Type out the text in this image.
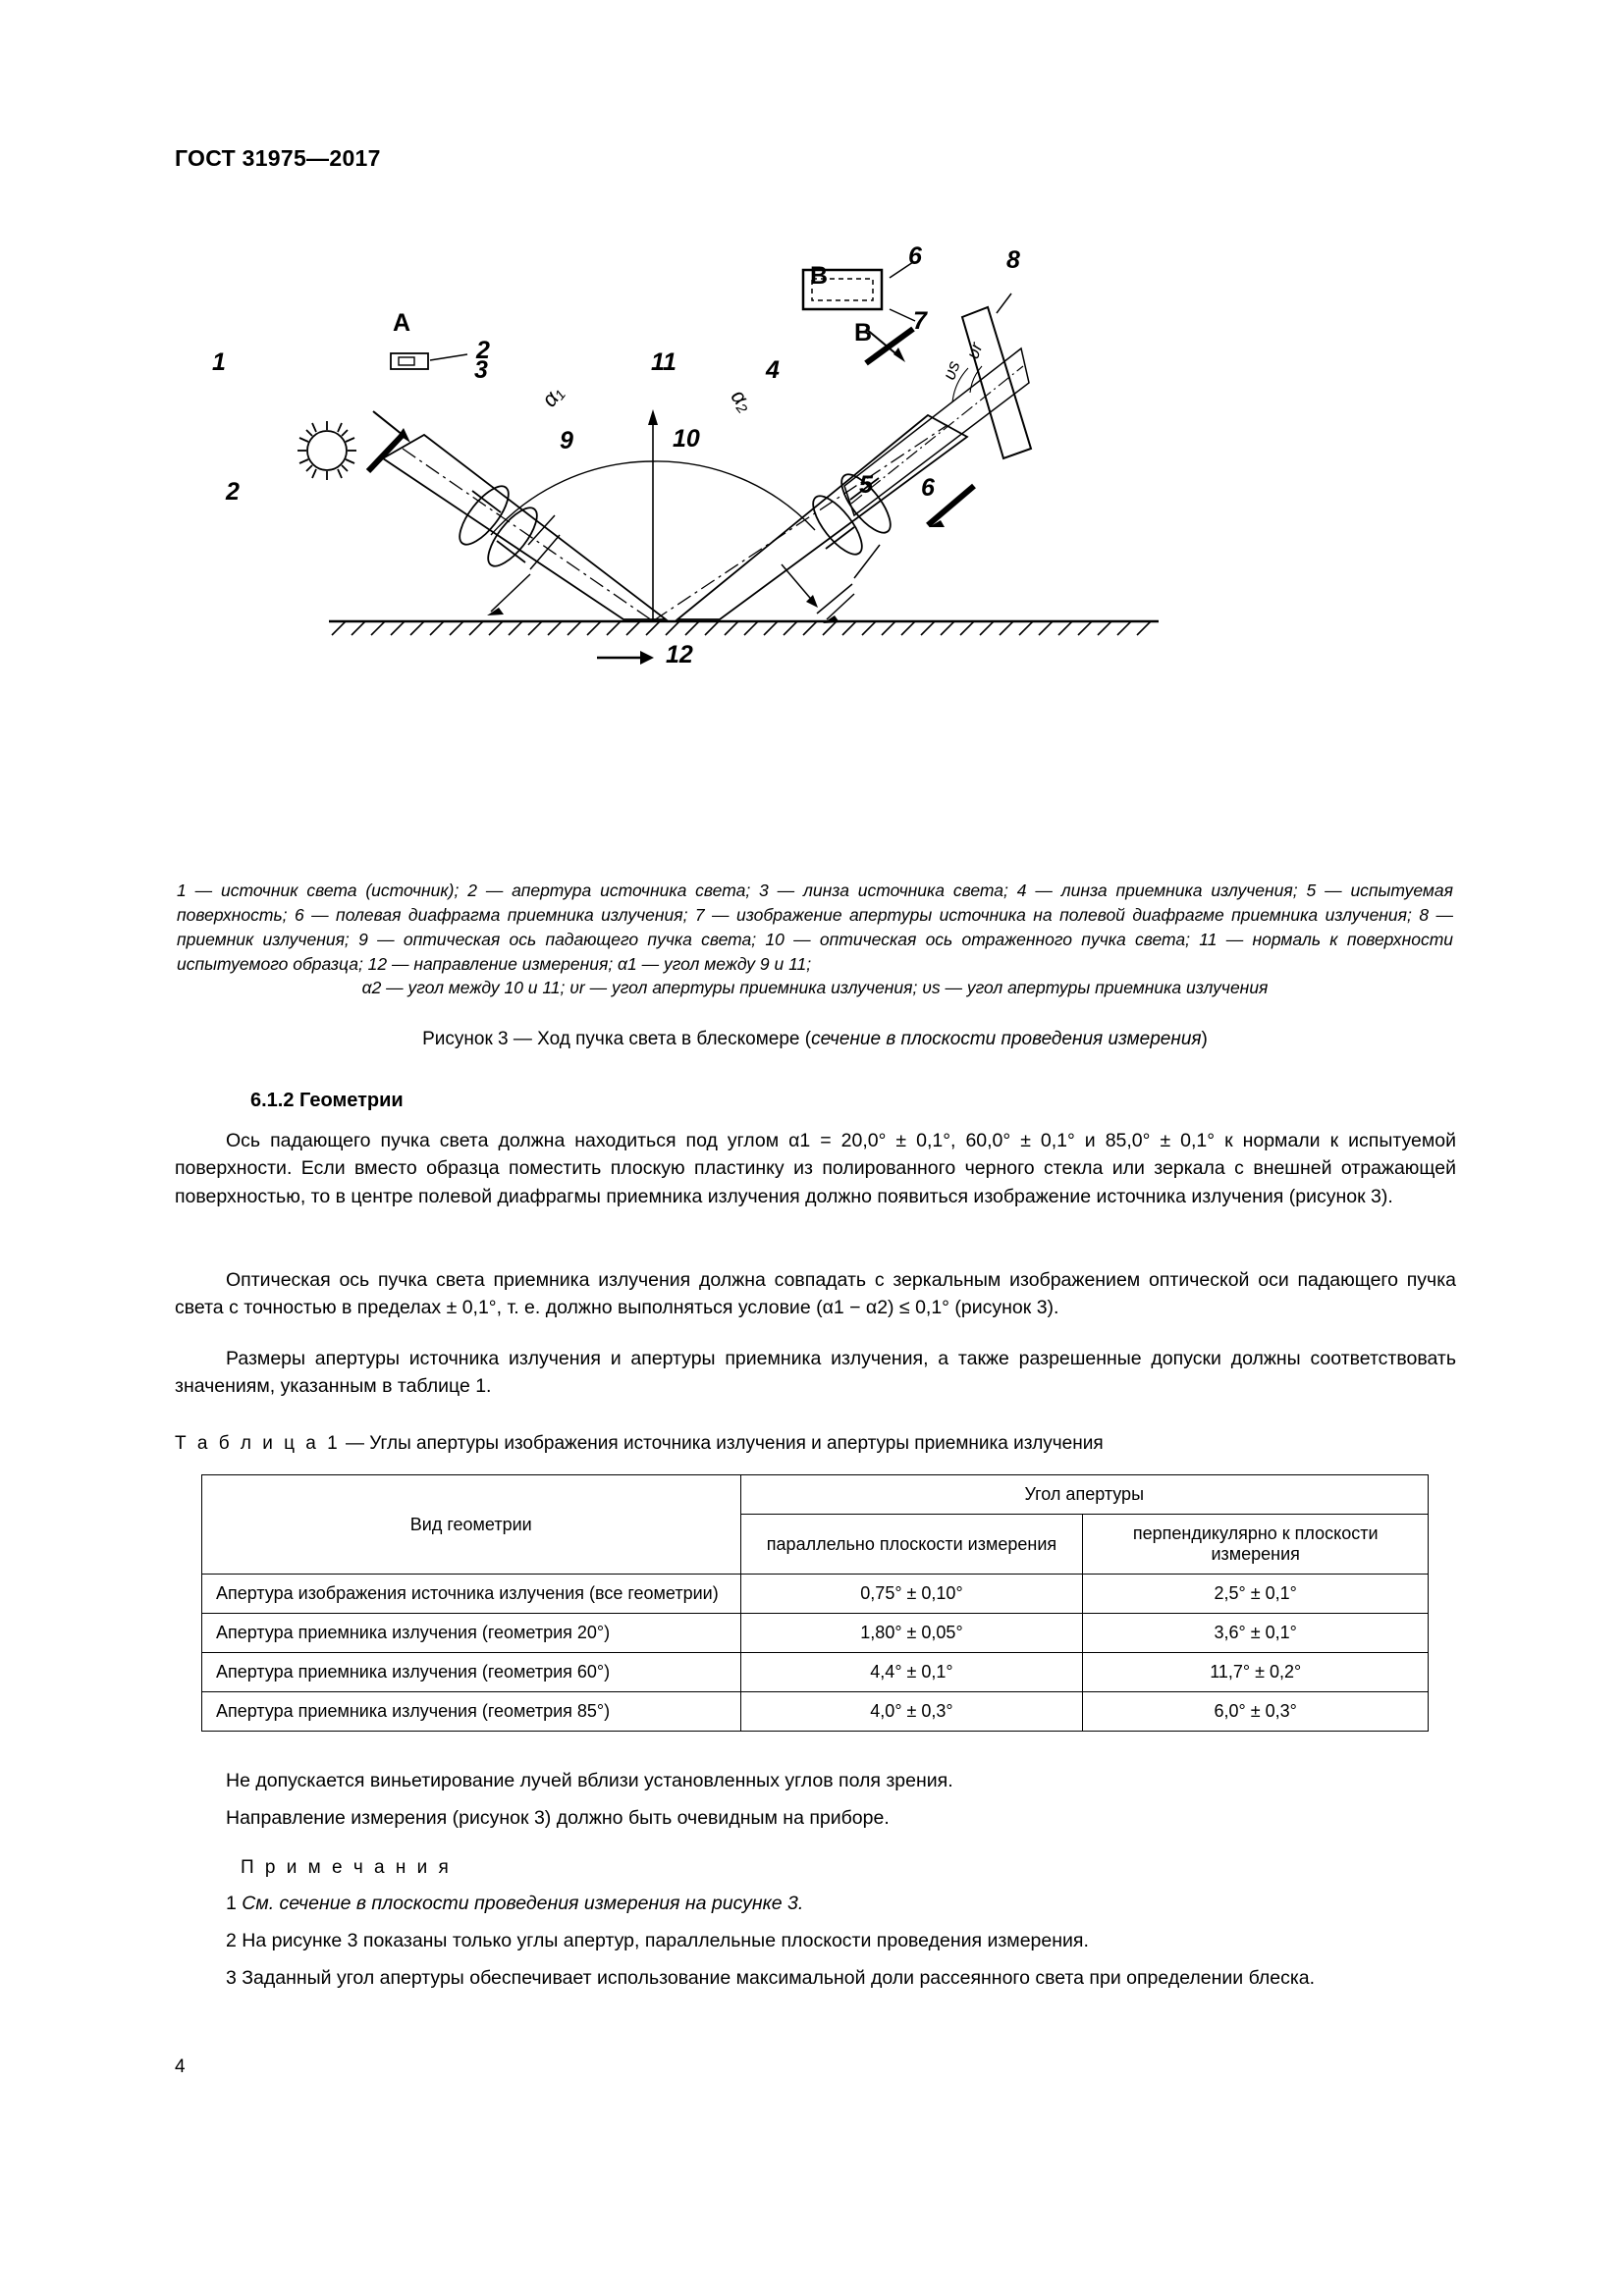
ГОСТ 31975—2017
1
А
2
2
3	4
5
6
6
7
8
9	10
11
12
В
В
α₁	α₂
υr
υs
1 — источник света (источник); 2 — апертура источника света; 3 — линза источника света; 4 — линза приемника излучения; 5 — испытуемая поверхность; 6 — полевая диафрагма приемника излучения; 7 — изображение апертуры источника на полевой диафрагме приемника излучения; 8 — приемник излучения; 9 — оптическая ось падающего пучка света; 10 — оптическая ось отраженного пучка света; 11 — нормаль к поверхности испытуемого образца; 12 — направление измерения; α1 — угол между 9 и 11;
α2 — угол между 10 и 11; υr — угол апертуры приемника излучения; υs — угол апертуры приемника излучения
Рисунок 3 — Ход пучка света в блескомере (сечение в плоскости проведения измерения)
6.1.2 Геометрии
Ось падающего пучка света должна находиться под углом α1 = 20,0° ± 0,1°, 60,0° ± 0,1° и 85,0° ± 0,1° к нормали к испытуемой поверхности. Если вместо образца поместить плоскую пластинку из полированного черного стекла или зеркала с внешней отражающей поверхностью, то в центре полевой диафрагмы приемника излучения должно появиться изображение источника излучения (рисунок 3).
Оптическая ось пучка света приемника излучения должна совпадать с зеркальным изображением оптической оси падающего пучка света с точностью в пределах ± 0,1°, т. е. должно выполняться условие (α1 − α2) ≤ 0,1° (рисунок 3).
Размеры апертуры источника излучения и апертуры приемника излучения, а также разрешенные допуски должны соответствовать значениям, указанным в таблице 1.
Т а б л и ц а 1 — Углы апертуры изображения источника излучения и апертуры приемника излучения
Вид геометрии	Угол апертуры	
	параллельно плоскости измерения	перпендикулярно к плоскости измерения
Апертура изображения источника излучения (все геометрии)	0,75° ± 0,10°	2,5° ± 0,1°
Апертура приемника излучения (геометрия 20°)	1,80° ± 0,05°	3,6° ± 0,1°
Апертура приемника излучения (геометрия 60°)	4,4° ± 0,1°	11,7° ± 0,2°
Апертура приемника излучения (геометрия 85°)	4,0° ± 0,3°	6,0° ± 0,3°
Не допускается виньетирование лучей вблизи установленных углов поля зрения.
Направление измерения (рисунок 3) должно быть очевидным на приборе.
П р и м е ч а н и я
1 См. сечение в плоскости проведения измерения на рисунке 3.
2 На рисунке 3 показаны только углы апертур, параллельные плоскости проведения измерения.
3 Заданный угол апертуры обеспечивает использование максимальной доли рассеянного света при определении блеска.
4
